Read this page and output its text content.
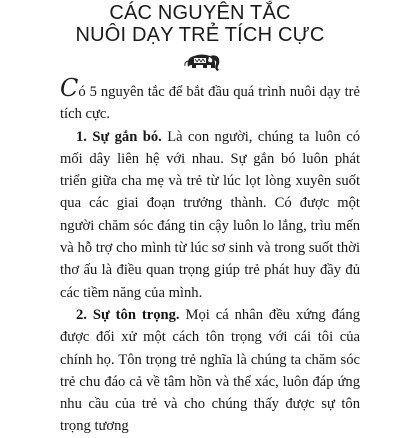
CÁC NGUYÊN TẮC
NUÔI DẠY TRẺ TÍCH CỰC

Có 5 nguyên tắc để bắt đầu quá trình nuôi dạy trẻ tích cực.

1. Sự gắn bó. Là con người, chúng ta luôn có mối dây liên hệ với nhau. Sự gắn bó luôn phát triển giữa cha mẹ và trẻ từ lúc lọt lòng xuyên suốt qua các giai đoạn trưởng thành. Có được một người chăm sóc đáng tin cậy luôn lo lắng, trìu mến và hỗ trợ cho mình từ lúc sơ sinh và trong suốt thời thơ ấu là điều quan trọng giúp trẻ phát huy đầy đủ các tiềm năng của mình.

2. Sự tôn trọng. Mọi cá nhân đều xứng đáng được đối xử một cách tôn trọng với cái tôi của chính họ. Tôn trọng trẻ nghĩa là chúng ta chăm sóc trẻ chu đáo cả về tâm hồn và thể xác, luôn đáp ứng nhu cầu của trẻ và cho chúng thấy được sự tôn trọng tương
